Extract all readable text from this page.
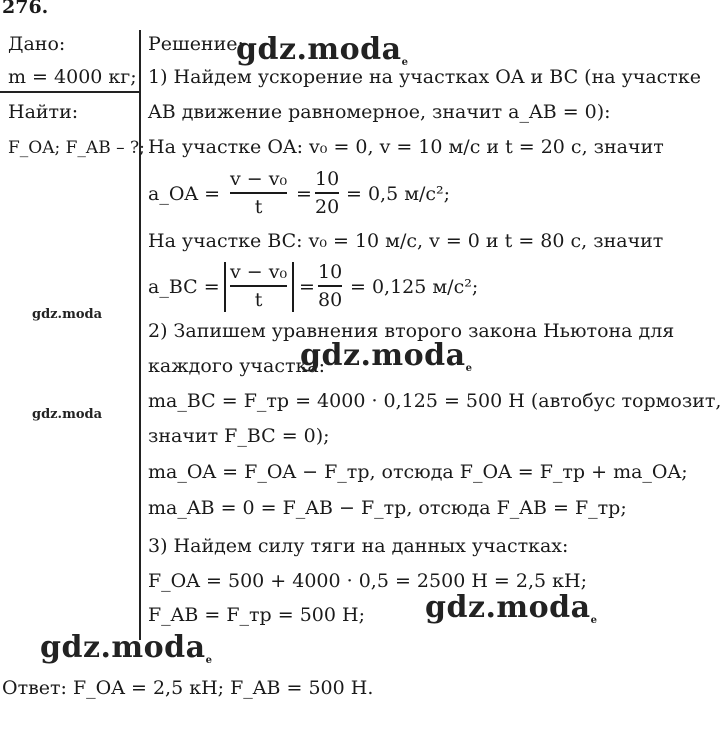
276.
Дано:
m = 4000 кг;
Найти:
F_OA; F_AB – ?;
Решение:
1) Найдем ускорение на участках OA и BC (на участке
AB движение равномерное, значит a_AB = 0):
На участке OA: v₀ = 0, v = 10 м/с и t = 20 с, значит
a_OA =
v − v₀
t
=
10
20
= 0,5 м/с²;
На участке BC: v₀ = 10 м/с, v = 0 и t = 80 с, значит
a_BC =
v − v₀
t
=
10
80
= 0,125 м/с²;
2) Запишем уравнения второго закона Ньютона для
каждого участка:
ma_BC = F_тр = 4000 · 0,125 = 500 Н (автобус тормозит,
значит F_BC = 0);
ma_OA = F_OA − F_тр, отсюда F_OA = F_тр + ma_OA;
ma_AB = 0 = F_AB − F_тр, отсюда F_AB = F_тр;
3) Найдем силу тяги на данных участках:
F_OA = 500 + 4000 · 0,5 = 2500 Н = 2,5 кН;
F_AB = F_тр = 500 Н;
Ответ: F_OA = 2,5 кН; F_AB = 500 Н.
gdz.moda$_e$
gdz.moda
gdz.moda$_e$
gdz.moda
gdz.moda$_e$
gdz.moda$_e$
